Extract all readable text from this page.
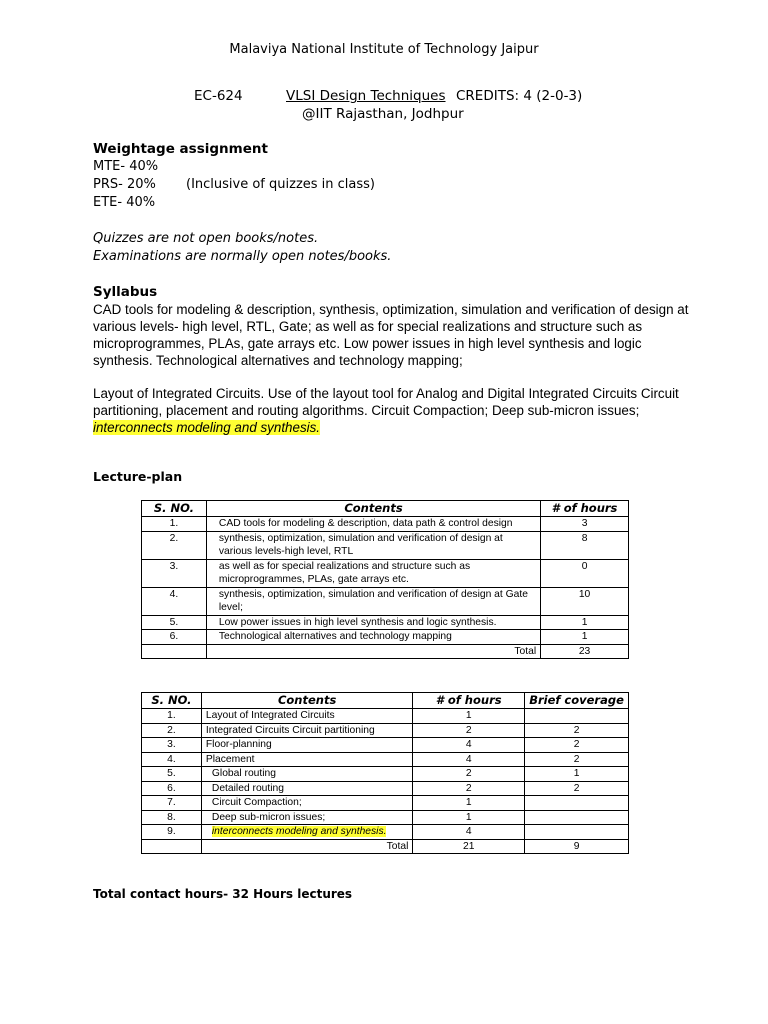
Malaviya National Institute of Technology Jaipur
EC-624	VLSI Design Techniques CREDITS: 4 (2-0-3)
@IIT Rajasthan, Jodhpur
Weightage assignment
MTE- 40%
PRS- 20% (Inclusive of quizzes in class)
ETE- 40%
Quizzes are not open books/notes.
Examinations are normally open notes/books.
Syllabus
CAD tools for modeling & description, synthesis, optimization, simulation and verification of design at various levels- high level, RTL, Gate; as well as for special realizations and structure such as microprogrammes, PLAs, gate arrays etc. Low power issues in high level synthesis and logic synthesis. Technological alternatives and technology mapping;
Layout of Integrated Circuits. Use of the layout tool for Analog and Digital Integrated Circuits Circuit partitioning, placement and routing algorithms. Circuit Compaction; Deep sub-micron issues; interconnects modeling and synthesis.
Lecture-plan
S. NO.	Contents	# of hours
1.	CAD tools for modeling & description, data path & control design	3
2.	synthesis, optimization, simulation and verification of design at various levels-high level, RTL	8
3.	as well as for special realizations and structure such as microprogrammes, PLAs, gate arrays etc.	0
4.	synthesis, optimization, simulation and verification of design at Gate level;	10
5.	Low power issues in high level synthesis and logic synthesis.	1
6.	Technological alternatives and technology mapping	1
	Total	23
S. NO.	Contents	# of hours	Brief coverage
1.	Layout of Integrated Circuits	1	
2.	Integrated Circuits Circuit partitioning	2	2
3.	Floor-planning	4	2
4.	Placement	4	2
5.	Global routing	2	1
6.	Detailed routing	2	2
7.	Circuit Compaction;	1	
8.	Deep sub-micron issues;	1	
9.	interconnects modeling and synthesis.	4	
	Total	21	9
Total contact hours- 32 Hours lectures
